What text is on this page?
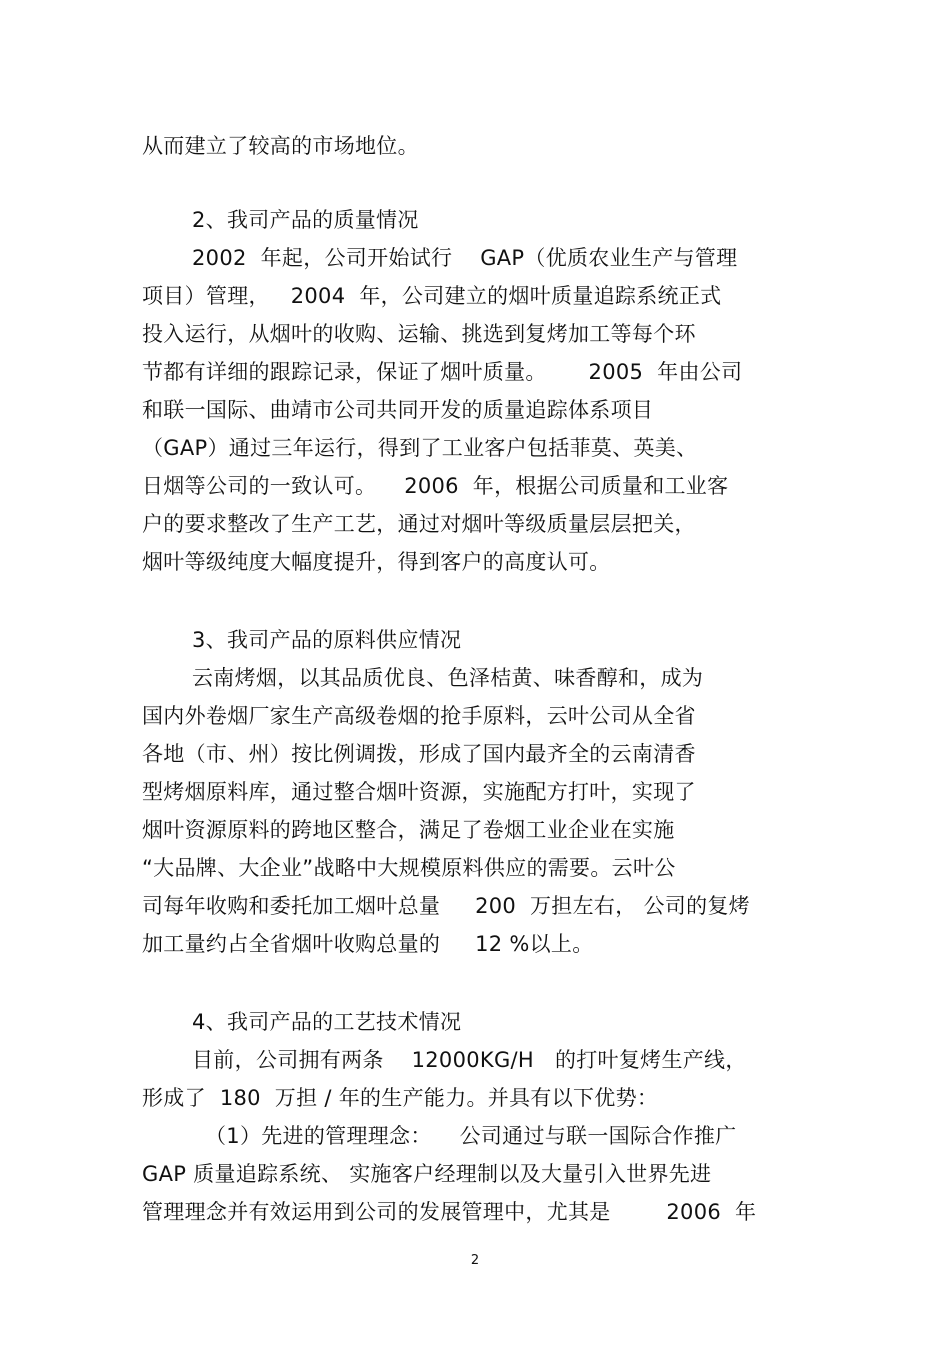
从而建立了较高的市场地位。
2、我司产品的质量情况
2002  年起，公司开始试行    GAP（优质农业生产与管理
项目）管理，   2004  年，公司建立的烟叶质量追踪系统正式
投入运行，从烟叶的收购、运输、挑选到复烤加工等每个环
节都有详细的跟踪记录，保证了烟叶质量。      2005  年由公司
和联一国际、曲靖市公司共同开发的质量追踪体系项目
（GAP）通过三年运行，得到了工业客户包括菲莫、英美、
日烟等公司的一致认可。    2006  年，根据公司质量和工业客
户的要求整改了生产工艺，通过对烟叶等级质量层层把关，
烟叶等级纯度大幅度提升，得到客户的高度认可。
3、我司产品的原料供应情况
云南烤烟，以其品质优良、色泽桔黄、味香醇和，成为
国内外卷烟厂家生产高级卷烟的抢手原料，云叶公司从全省
各地（市、州）按比例调拨，形成了国内最齐全的云南清香
型烤烟原料库，通过整合烟叶资源，实施配方打叶，实现了
烟叶资源原料的跨地区整合，满足了卷烟工业企业在实施
“大品牌、大企业”战略中大规模原料供应的需要。云叶公
司每年收购和委托加工烟叶总量     200  万担左右， 公司的复烤
加工量约占全省烟叶收购总量的     12 %以上。
4、我司产品的工艺技术情况
目前，公司拥有两条    12000KG/H   的打叶复烤生产线，
形成了  180  万担 / 年的生产能力。并具有以下优势：
（1）先进的管理理念：    公司通过与联一国际合作推广
GAP 质量追踪系统、 实施客户经理制以及大量引入世界先进
管理理念并有效运用到公司的发展管理中，尤其是        2006  年
2
